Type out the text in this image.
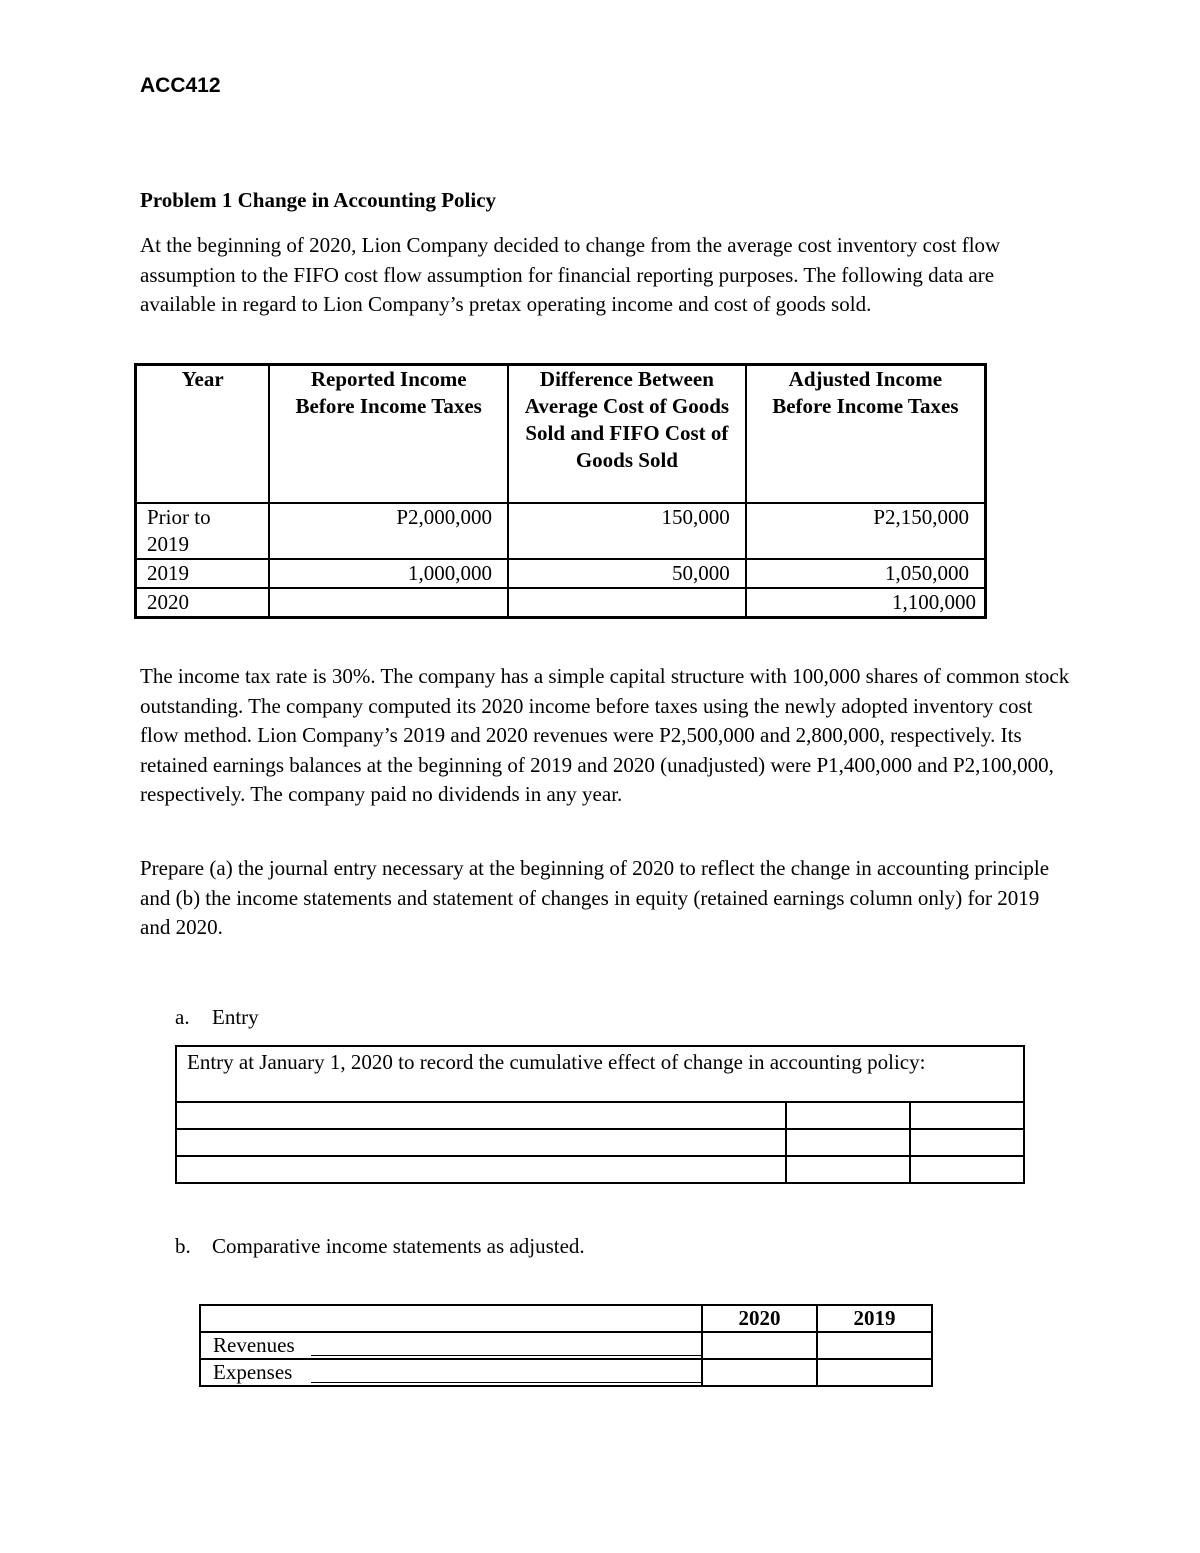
ACC412
Problem 1 Change in Accounting Policy

At the beginning of 2020, Lion Company decided to change from the average cost inventory cost flow assumption to the FIFO cost flow assumption for financial reporting purposes. The following data are available in regard to Lion Company’s pretax operating income and cost of goods sold.

Year	Reported Income Before Income Taxes	Difference Between Average Cost of Goods Sold and FIFO Cost of Goods Sold	Adjusted Income Before Income Taxes
Prior to 2019	P2,000,000	150,000	P2,150,000
2019	1,000,000	50,000	1,050,000
2020			1,100,000

The income tax rate is 30%. The company has a simple capital structure with 100,000 shares of common stock outstanding. The company computed its 2020 income before taxes using the newly adopted inventory cost flow method. Lion Company’s 2019 and 2020 revenues were P2,500,000 and 2,800,000, respectively. Its retained earnings balances at the beginning of 2019 and 2020 (unadjusted) were P1,400,000 and P2,100,000, respectively. The company paid no dividends in any year.

Prepare (a) the journal entry necessary at the beginning of 2020 to reflect the change in accounting principle and (b) the income statements and statement of changes in equity (retained earnings column only) for 2019 and 2020.

a. Entry
Entry at January 1, 2020 to record the cumulative effect of change in accounting policy:		

b. Comparative income statements as adjusted.
	2020	2019
Revenues

Expenses
